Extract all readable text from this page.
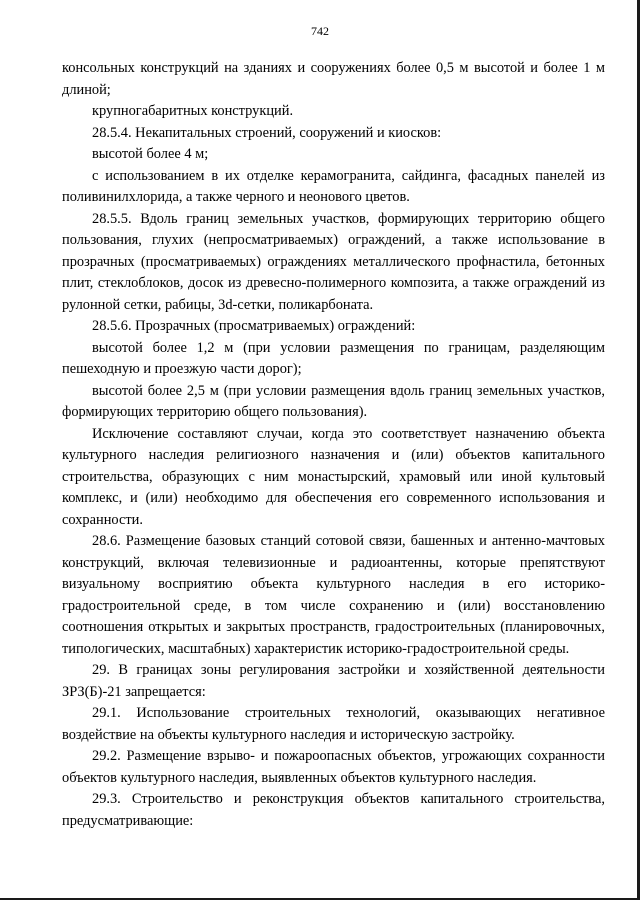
742

консольных конструкций на зданиях и сооружениях более 0,5 м высотой и более 1 м длиной;

крупногабаритных конструкций.

28.5.4. Некапитальных строений, сооружений и киосков:

высотой более 4 м;

с использованием в их отделке керамогранита, сайдинга, фасадных панелей из поливинилхлорида, а также черного и неонового цветов.

28.5.5. Вдоль границ земельных участков, формирующих территорию общего пользования, глухих (непросматриваемых) ограждений, а также использование в прозрачных (просматриваемых) ограждениях металлического профнастила, бетонных плит, стеклоблоков, досок из древесно-полимерного композита, а также ограждений из рулонной сетки, рабицы, 3d-сетки, поликарбоната.

28.5.6. Прозрачных (просматриваемых) ограждений:

высотой более 1,2 м (при условии размещения по границам, разделяющим пешеходную и проезжую части дорог);

высотой более 2,5 м (при условии размещения вдоль границ земельных участков, формирующих территорию общего пользования).

Исключение составляют случаи, когда это соответствует назначению объекта культурного наследия религиозного назначения и (или) объектов капитального строительства, образующих с ним монастырский, храмовый или иной культовый комплекс, и (или) необходимо для обеспечения его современного использования и сохранности.

28.6. Размещение базовых станций сотовой связи, башенных и антенно-мачтовых конструкций, включая телевизионные и радиоантенны, которые препятствуют визуальному восприятию объекта культурного наследия в его историко-градостроительной среде, в том числе сохранению и (или) восстановлению соотношения открытых и закрытых пространств, градостроительных (планировочных, типологических, масштабных) характеристик историко-градостроительной среды.

29. В границах зоны регулирования застройки и хозяйственной деятельности ЗРЗ(Б)-21 запрещается:

29.1. Использование строительных технологий, оказывающих негативное воздействие на объекты культурного наследия и историческую застройку.

29.2. Размещение взрыво- и пожароопасных объектов, угрожающих сохранности объектов культурного наследия, выявленных объектов культурного наследия.

29.3. Строительство и реконструкция объектов капитального строительства, предусматривающие:
